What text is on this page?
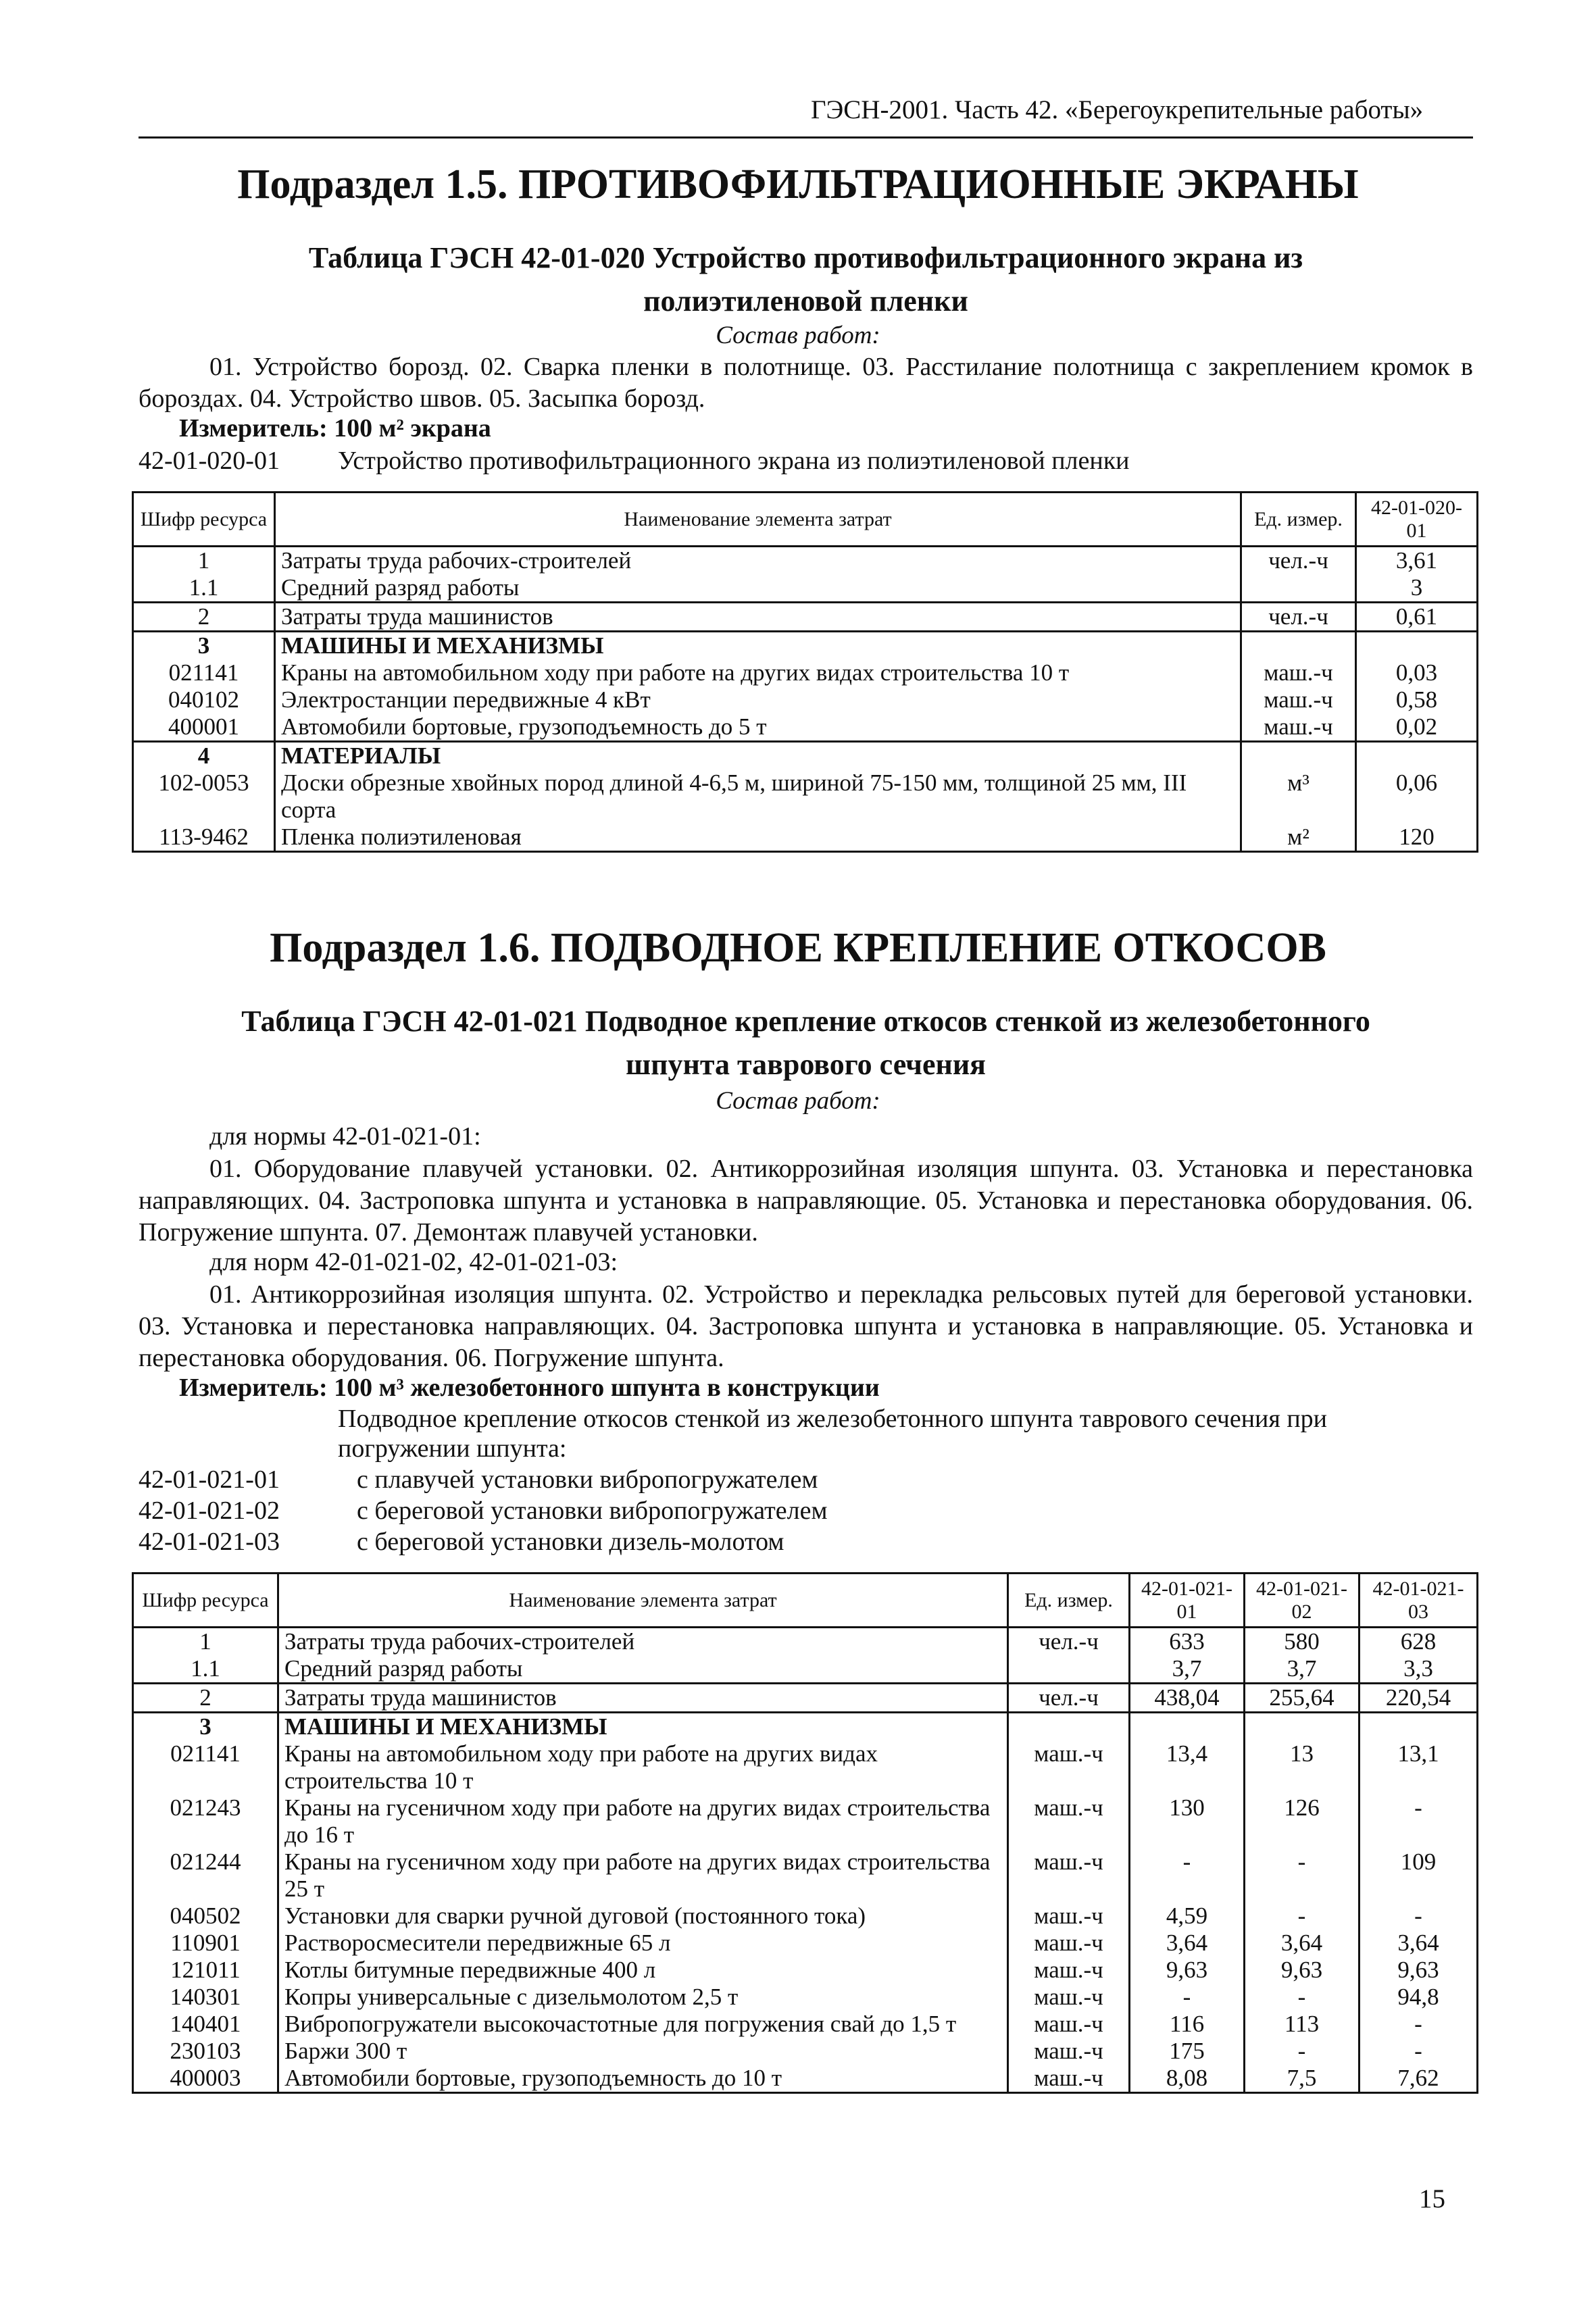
ГЭСН-2001. Часть 42. «Берегоукрепительные работы»
Подраздел 1.5. ПРОТИВОФИЛЬТРАЦИОННЫЕ ЭКРАНЫ
Таблица ГЭСН 42-01-020 Устройство противофильтрационного экрана из
полиэтиленовой пленки
Состав работ:
01. Устройство борозд. 02. Сварка пленки в полотнище. 03. Расстилание полотнища с закреплением кромок в бороздах. 04. Устройство швов. 05. Засыпка борозд.
Измеритель: 100 м² экрана
42-01-020-01 Устройство противофильтрационного экрана из полиэтиленовой пленки
Шифр ресурса	Наименование элемента затрат	Ед. измер.	42-01-020-01
1	Затраты труда рабочих-строителей	чел.-ч	3,61
1.1	Средний разряд работы		3
2	Затраты труда машинистов	чел.-ч	0,61
3	МАШИНЫ И МЕХАНИЗМЫ		
021141	Краны на автомобильном ходу при работе на других видах строительства 10 т	маш.-ч	0,03
040102	Электростанции передвижные 4 кВт	маш.-ч	0,58
400001	Автомобили бортовые, грузоподъемность до 5 т	маш.-ч	0,02
4	МАТЕРИАЛЫ		
102-0053	Доски обрезные хвойных пород длиной 4-6,5 м, шириной 75-150 мм, толщиной 25 мм, III сорта	м³	0,06
113-9462	Пленка полиэтиленовая	м²	120
Подраздел 1.6. ПОДВОДНОЕ КРЕПЛЕНИЕ ОТКОСОВ
Таблица ГЭСН 42-01-021 Подводное крепление откосов стенкой из железобетонного
шпунта таврового сечения
Состав работ:
для нормы 42-01-021-01:
01. Оборудование плавучей установки. 02. Антикоррозийная изоляция шпунта. 03. Установка и перестановка направляющих. 04. Застроповка шпунта и установка в направляющие. 05. Установка и перестановка оборудования. 06. Погружение шпунта. 07. Демонтаж плавучей установки.
для норм 42-01-021-02, 42-01-021-03:
01. Антикоррозийная изоляция шпунта. 02. Устройство и перекладка рельсовых путей для береговой установки. 03. Установка и перестановка направляющих. 04. Застроповка шпунта и установка в направляющие. 05. Установка и перестановка оборудования. 06. Погружение шпунта.
Измеритель: 100 м³ железобетонного шпунта в конструкции
Подводное крепление откосов стенкой из железобетонного шпунта таврового сечения при
погружении шпунта:
42-01-021-01	с плавучей установки вибропогружателем
42-01-021-02	с береговой установки вибропогружателем
42-01-021-03	с береговой установки дизель-молотом
Шифр ресурса	Наименование элемента затрат	Ед. измер.	42-01-021-01	42-01-021-02	42-01-021-03
1	Затраты труда рабочих-строителей	чел.-ч	633	580	628
1.1	Средний разряд работы		3,7	3,7	3,3
2	Затраты труда машинистов	чел.-ч	438,04	255,64	220,54
3	МАШИНЫ И МЕХАНИЗМЫ				
021141	Краны на автомобильном ходу при работе на других видах строительства 10 т	маш.-ч	13,4	13	13,1
021243	Краны на гусеничном ходу при работе на других видах строительства до 16 т	маш.-ч	130	126	-
021244	Краны на гусеничном ходу при работе на других видах строительства 25 т	маш.-ч	-	-	109
040502	Установки для сварки ручной дуговой (постоянного тока)	маш.-ч	4,59	-	-
110901	Растворосмесители передвижные 65 л	маш.-ч	3,64	3,64	3,64
121011	Котлы битумные передвижные 400 л	маш.-ч	9,63	9,63	9,63
140301	Копры универсальные с дизельмолотом 2,5 т	маш.-ч	-	-	94,8
140401	Вибропогружатели высокочастотные для погружения свай до 1,5 т	маш.-ч	116	113	-
230103	Баржи 300 т	маш.-ч	175	-	-
400003	Автомобили бортовые, грузоподъемность до 10 т	маш.-ч	8,08	7,5	7,62
15
